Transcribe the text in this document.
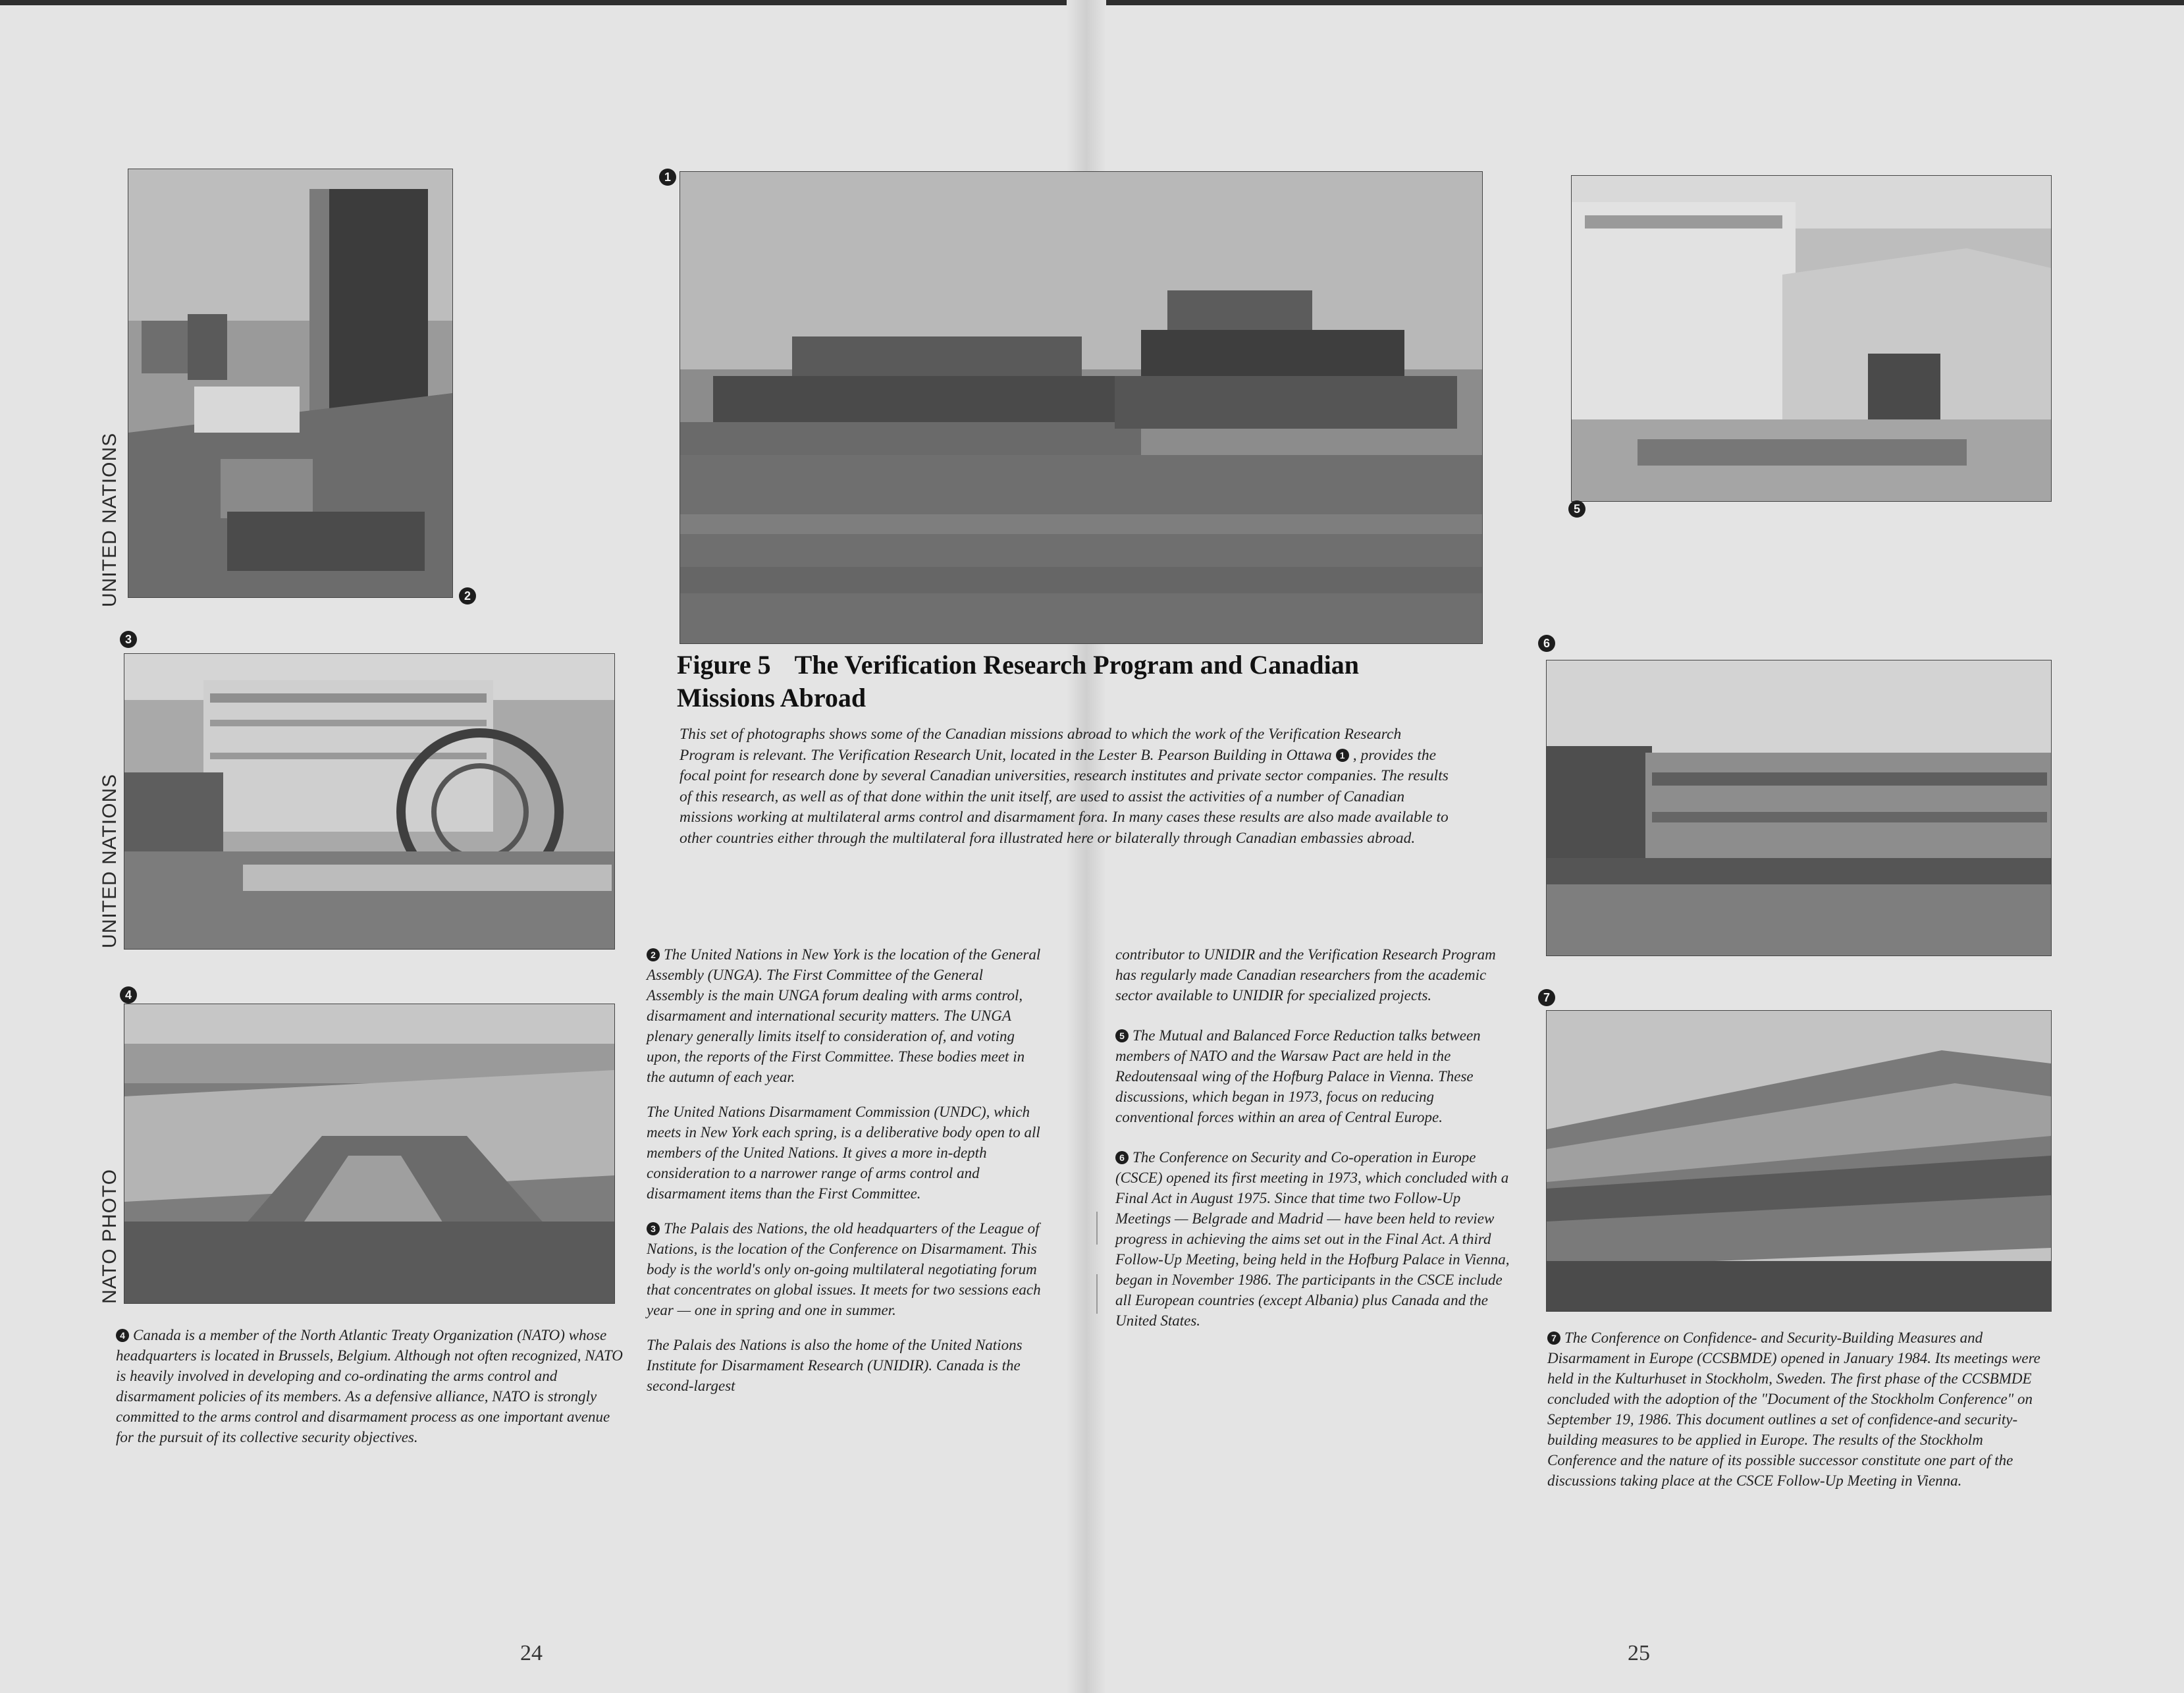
2
UNITED NATIONS
3
UNITED NATIONS
4
NATO PHOTO

4 Canada is a member of the North Atlantic Treaty Organization (NATO) whose headquarters is located in Brussels, Belgium. Although not often recognized, NATO is heavily involved in developing and co-ordinating the arms control and disarmament policies of its members. As a defensive alliance, NATO is strongly committed to the arms control and disarmament process as one important avenue for the pursuit of its collective security objectives.

1
Figure 5 The Verification Research Program and Canadian Missions Abroad
This set of photographs shows some of the Canadian missions abroad to which the work of the Verification Research Program is relevant. The Verification Research Unit, located in the Lester B. Pearson Building in Ottawa 1 , provides the focal point for research done by several Canadian universities, research institutes and private sector companies. The results of this research, as well as of that done within the unit itself, are used to assist the activities of a number of Canadian missions working at multilateral arms control and disarmament fora. In many cases these results are also made available to other countries either through the multilateral fora illustrated here or bilaterally through Canadian embassies abroad.

2 The United Nations in New York is the location of the General Assembly (UNGA). The First Committee of the General Assembly is the main UNGA forum dealing with arms control, disarmament and international security matters. The UNGA plenary generally limits itself to consideration of, and voting upon, the reports of the First Committee. These bodies meet in the autumn of each year.

The United Nations Disarmament Commission (UNDC), which meets in New York each spring, is a deliberative body open to all members of the United Nations. It gives a more in-depth consideration to a narrower range of arms control and disarmament items than the First Committee.

3 The Palais des Nations, the old headquarters of the League of Nations, is the location of the Conference on Disarmament. This body is the world's only on-going multilateral negotiating forum that concentrates on global issues. It meets for two sessions each year — one in spring and one in summer.

The Palais des Nations is also the home of the United Nations Institute for Disarmament Research (UNIDIR). Canada is the second-largest

24

contributor to UNIDIR and the Verification Research Program has regularly made Canadian researchers from the academic sector available to UNIDIR for specialized projects.

5 The Mutual and Balanced Force Reduction talks between members of NATO and the Warsaw Pact are held in the Redoutensaal wing of the Hofburg Palace in Vienna. These discussions, which began in 1973, focus on reducing conventional forces within an area of Central Europe.

6 The Conference on Security and Co-operation in Europe (CSCE) opened its first meeting in 1973, which concluded with a Final Act in August 1975. Since that time two Follow-Up Meetings — Belgrade and Madrid — have been held to review progress in achieving the aims set out in the Final Act. A third Follow-Up Meeting, being held in the Hofburg Palace in Vienna, began in November 1986. The participants in the CSCE include all European countries (except Albania) plus Canada and the United States.

5
6
7

7 The Conference on Confidence- and Security-Building Measures and Disarmament in Europe (CCSBMDE) opened in January 1984. Its meetings were held in the Kulturhuset in Stockholm, Sweden. The first phase of the CCSBMDE concluded with the adoption of the "Document of the Stockholm Conference" on September 19, 1986. This document outlines a set of confidence-and security-building measures to be applied in Europe. The results of the Stockholm Conference and the nature of its possible successor constitute one part of the discussions taking place at the CSCE Follow-Up Meeting in Vienna.

25
